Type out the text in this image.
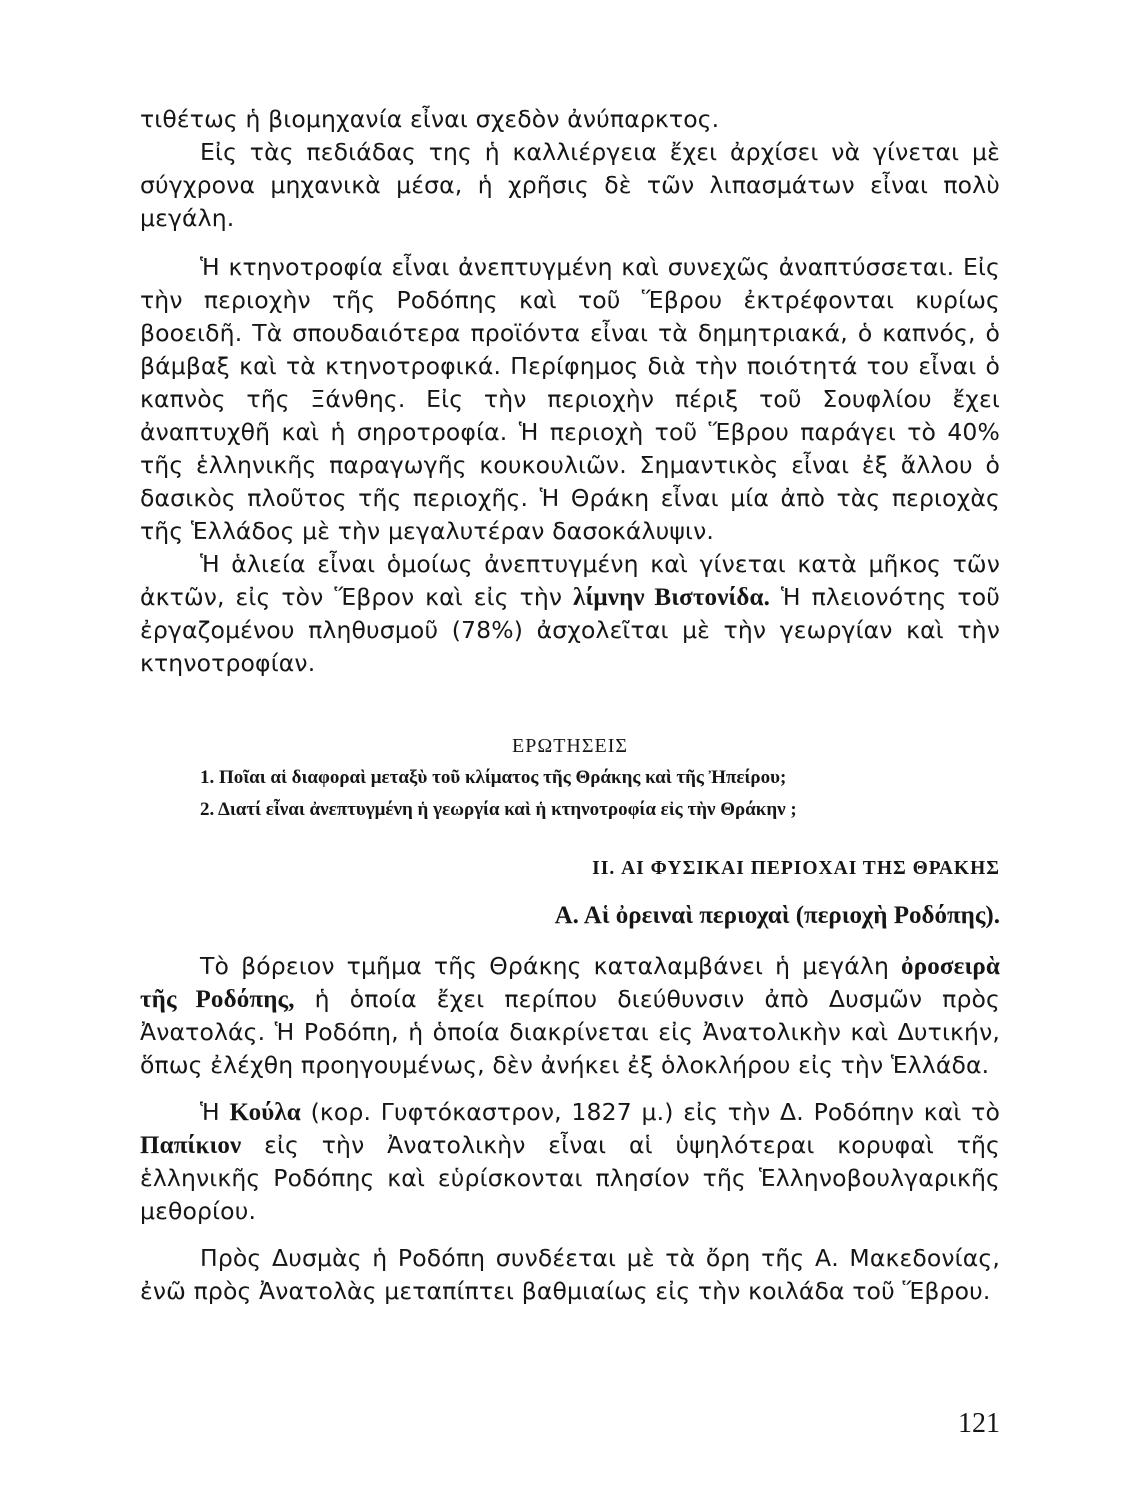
τιθέτως ἡ βιομηχανία εἶναι σχεδὸν ἀνύπαρκτος.

Εἰς τὰς πεδιάδας της ἡ καλλιέργεια ἔχει ἀρχίσει νὰ γίνεται μὲ σύγχρονα μηχανικὰ μέσα, ἡ χρῆσις δὲ τῶν λιπασμάτων εἶναι πολὺ μεγάλη.

Ἡ κτηνοτροφία εἶναι ἀνεπτυγμένη καὶ συνεχῶς ἀναπτύσσεται. Εἰς τὴν περιοχὴν τῆς Ροδόπης καὶ τοῦ Ἕβρου ἐκτρέφονται κυρίως βοοειδῆ. Τὰ σπουδαιότερα προϊόντα εἶναι τὰ δημητριακά, ὁ καπνός, ὁ βάμβαξ καὶ τὰ κτηνοτροφικά. Περίφημος διὰ τὴν ποιότητά του εἶναι ὁ καπνὸς τῆς Ξάνθης. Εἰς τὴν περιοχὴν πέριξ τοῦ Σουφλίου ἔχει ἀναπτυχθῆ καὶ ἡ σηροτροφία. Ἡ περιοχὴ τοῦ Ἕβρου παράγει τὸ 40% τῆς ἑλληνικῆς παραγωγῆς κουκουλιῶν. Σημαντικὸς εἶναι ἐξ ἄλλου ὁ δασικὸς πλοῦτος τῆς περιοχῆς. Ἡ Θράκη εἶναι μία ἀπὸ τὰς περιοχὰς τῆς Ἑλλάδος μὲ τὴν μεγαλυτέραν δασοκάλυψιν.

Ἡ ἁλιεία εἶναι ὁμοίως ἀνεπτυγμένη καὶ γίνεται κατὰ μῆκος τῶν ἀκτῶν, εἰς τὸν Ἕβρον καὶ εἰς τὴν λίμνην Βιστονίδα. Ἡ πλειονότης τοῦ ἐργαζομένου πληθυσμοῦ (78%) ἀσχολεῖται μὲ τὴν γεωργίαν καὶ τὴν κτηνοτροφίαν.

ΕΡΩΤΗΣΕΙΣ
1. Ποῖαι αἱ διαφοραὶ μεταξὺ τοῦ κλίματος τῆς Θράκης καὶ τῆς Ἠπείρου;
2. Διατί εἶναι ἀνεπτυγμένη ἡ γεωργία καὶ ἡ κτηνοτροφία εἰς τὴν Θράκην ;
II. ΑΙ ΦΥΣΙΚΑΙ ΠΕΡΙΟΧΑΙ ΤΗΣ ΘΡΑΚΗΣ
Α. Αἱ ὀρειναὶ περιοχαὶ (περιοχὴ Ροδόπης).

Τὸ βόρειον τμῆμα τῆς Θράκης καταλαμβάνει ἡ μεγάλη ὀροσειρὰ τῆς Ροδόπης, ἡ ὁποία ἔχει περίπου διεύθυνσιν ἀπὸ Δυσμῶν πρὸς Ἀνατολάς. Ἡ Ροδόπη, ἡ ὁποία διακρίνεται εἰς Ἀνατολικὴν καὶ Δυτικήν, ὅπως ἐλέχθη προηγουμένως, δὲν ἀνήκει ἐξ ὁλοκλήρου εἰς τὴν Ἑλλάδα.

Ἡ Κούλα (κορ. Γυφτόκαστρον, 1827 μ.) εἰς τὴν Δ. Ροδόπην καὶ τὸ Παπίκιον εἰς τὴν Ἀνατολικὴν εἶναι αἱ ὑψηλότεραι κορυφαὶ τῆς ἑλληνικῆς Ροδόπης καὶ εὑρίσκονται πλησίον τῆς Ἑλληνοβουλγαρικῆς μεθορίου.

Πρὸς Δυσμὰς ἡ Ροδόπη συνδέεται μὲ τὰ ὄρη τῆς Α. Μακεδονίας, ἐνῶ πρὸς Ἀνατολὰς μεταπίπτει βαθμιαίως εἰς τὴν κοιλάδα τοῦ Ἕβρου.

121
